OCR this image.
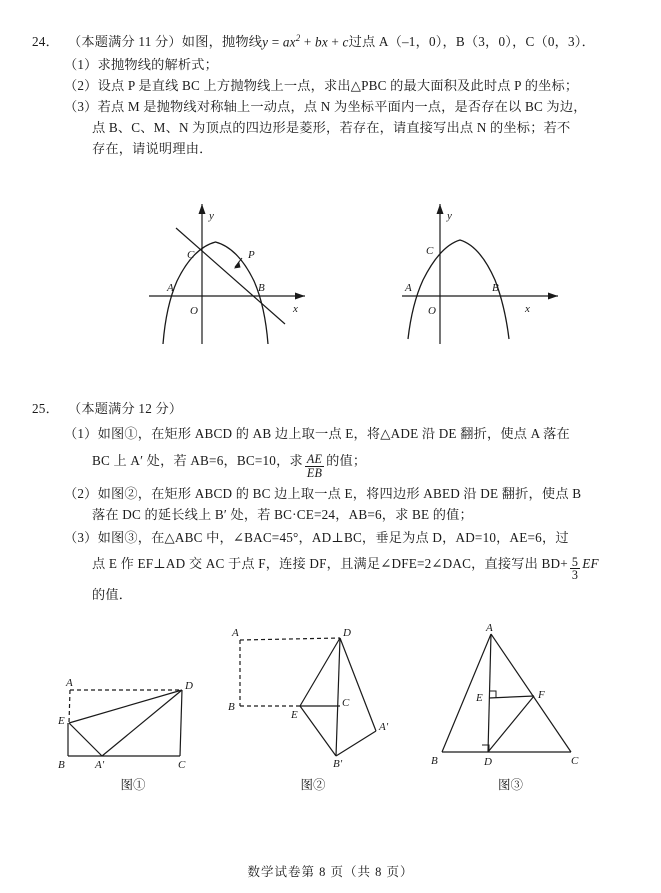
24． （本题满分 11 分）如图，抛物线 $y = ax^2$ + bx + c 过点 A（–1，0），B（3，0），C（0，3）．
（1） 求抛物线的解析式；
（2） 设点 P 是直线 BC 上方抛物线上一点，求出△PBC 的最大面积及此时点 P 的坐标；
（3） 若点 M 是抛物线对称轴上一动点，点 N 为坐标平面内一点，是否存在以 BC 为边，
点 B、C、M、N 为顶点的四边形是菱形，若存在，请直接写出点 N 的坐标；若不
存在，请说明理由．
P
C
A	B
O	x
y
C
A	B
O	x
y
25． （本题满分 12 分）
（1） 如图①，在矩形 ABCD 的 AB 边上取一点 E，将△ADE 沿 DE 翻折，使点 A 落在
BC 上 A′ 处，若 AB=6，BC=10，求 $\frac{AE}{EB}$ 的值；
（2） 如图②，在矩形 ABCD 的 BC 边上取一点 E，将四边形 ABED 沿 DE 翻折，使点 B
落在 DC 的延长线上 B′ 处，若 BC·CE=24，AB=6，求 BE 的值；
（3） 如图③，在△ABC 中，∠BAC=45°，AD⊥BC，垂足为点 D，AD=10，AE=6，过
点 E 作 EF⊥AD 交 AC 于点 F，连接 DF，且满足∠DFE=2∠DAC，直接写出 $BD+ \frac{5}{3}$ EF
的值．
A	D
E
B	A′	C
图①
A	D
B
E
C
A′
B′
图②
A
B	D	C
E	F
图③
数学试卷第 8 页（共 8 页）
